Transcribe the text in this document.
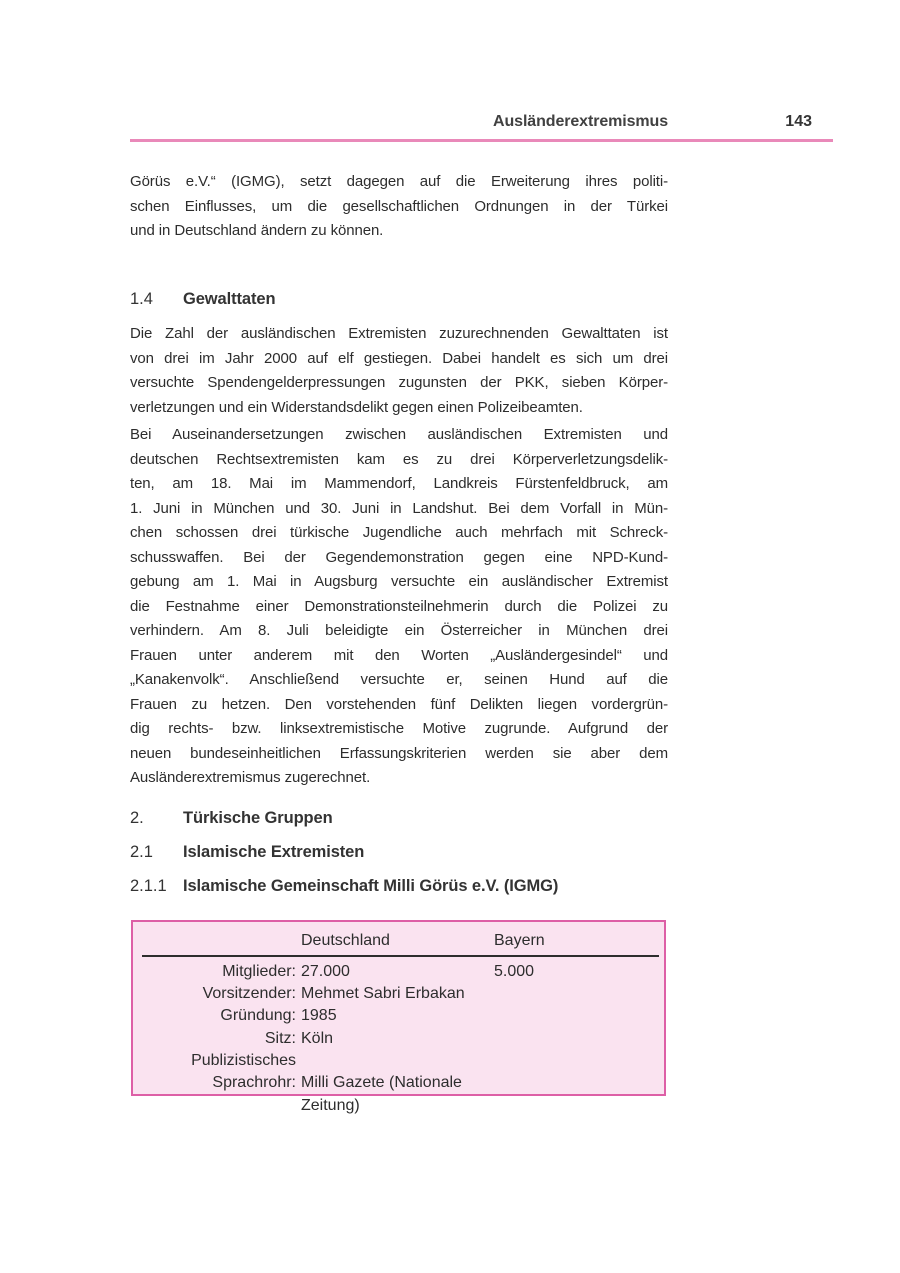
Ausländerextremismus	143
Görüs e.V.“ (IGMG), setzt dagegen auf die Erweiterung ihres politi-
schen Einflusses, um die gesellschaftlichen Ordnungen in der Türkei
und in Deutschland ändern zu können.
1.4	Gewalttaten
Die Zahl der ausländischen Extremisten zuzurechnenden Gewalttaten ist
von drei im Jahr 2000 auf elf gestiegen. Dabei handelt es sich um drei
versuchte Spendengelderpressungen zugunsten der PKK, sieben Körper-
verletzungen und ein Widerstandsdelikt gegen einen Polizeibeamten.
Bei Auseinandersetzungen zwischen ausländischen Extremisten und
deutschen Rechtsextremisten kam es zu drei Körperverletzungsdelik-
ten, am 18. Mai im Mammendorf, Landkreis Fürstenfeldbruck, am
1. Juni in München und 30. Juni in Landshut. Bei dem Vorfall in Mün-
chen schossen drei türkische Jugendliche auch mehrfach mit Schreck-
schusswaffen. Bei der Gegendemonstration gegen eine NPD-Kund-
gebung am 1. Mai in Augsburg versuchte ein ausländischer Extremist
die Festnahme einer Demonstrationsteilnehmerin durch die Polizei zu
verhindern. Am 8. Juli beleidigte ein Österreicher in München drei
Frauen unter anderem mit den Worten „Ausländergesindel“ und
„Kanakenvolk“. Anschließend versuchte er, seinen Hund auf die
Frauen zu hetzen. Den vorstehenden fünf Delikten liegen vordergrün-
dig rechts- bzw. linksextremistische Motive zugrunde. Aufgrund der
neuen bundeseinheitlichen Erfassungskriterien werden sie aber dem
Ausländerextremismus zugerechnet.
2.	Türkische Gruppen
2.1	Islamische Extremisten
2.1.1 Islamische Gemeinschaft Milli Görüs e.V. (IGMG)
Deutschland	Bayern
Mitglieder: 27.000	5.000
Vorsitzender: Mehmet Sabri Erbakan
Gründung: 1985
Sitz: Köln
Publizistisches
Sprachrohr: Milli Gazete (Nationale Zeitung)
